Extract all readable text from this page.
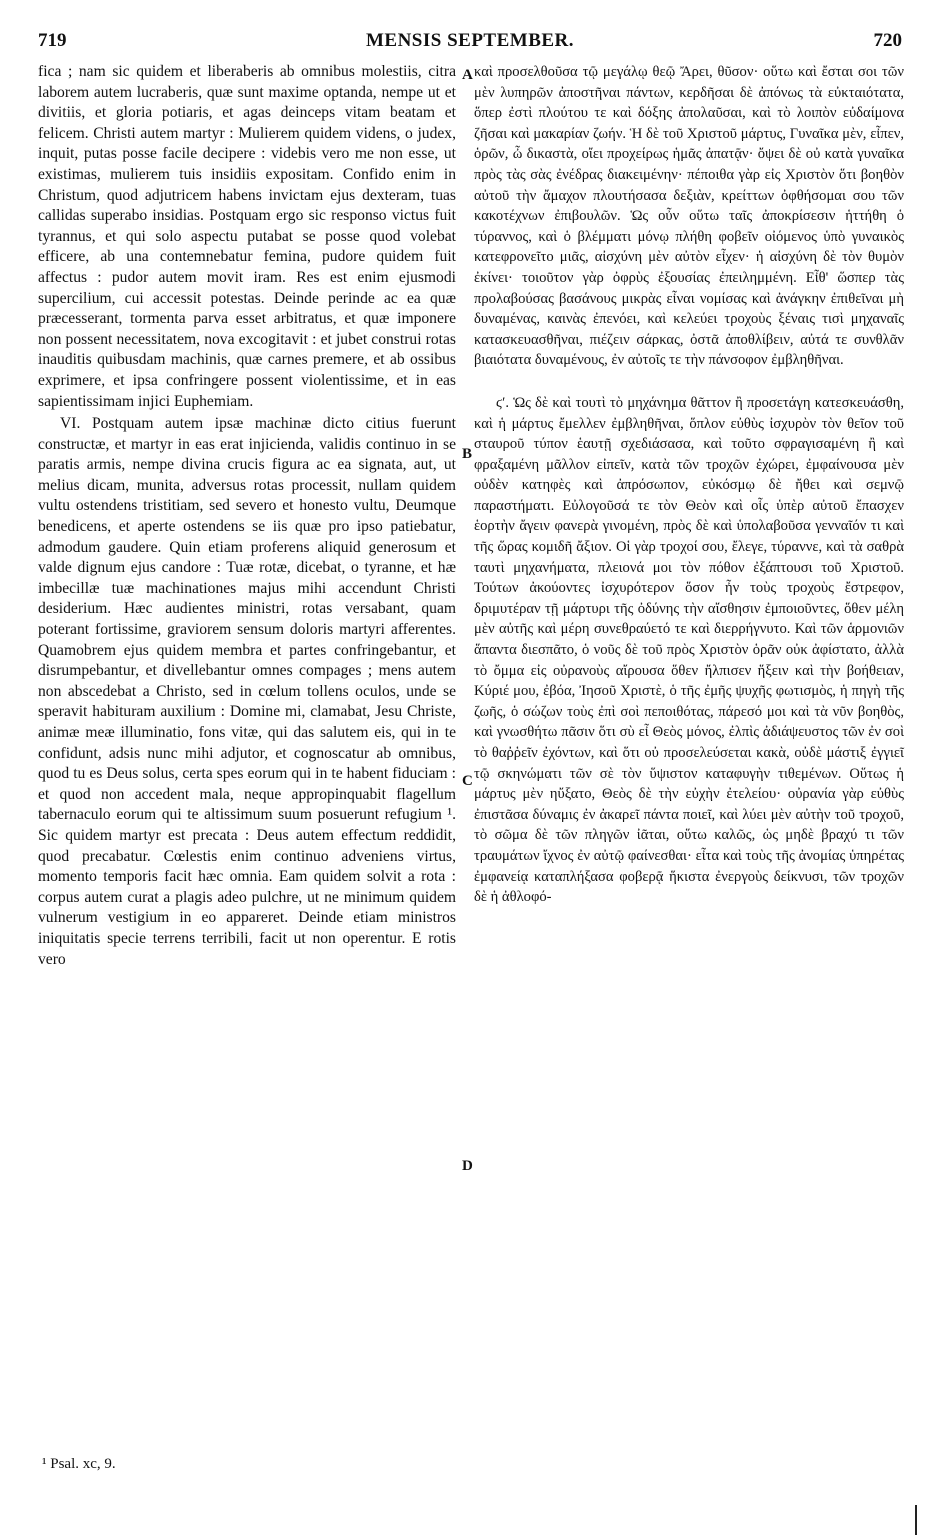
719	MENSIS SEPTEMBER.	720

fica ; nam sic quidem et liberaberis ab omnibus molestiis, citra laborem autem lucraberis, quæ sunt maxime optanda, nempe ut et divitiis, et gloria potiaris, et agas deinceps vitam beatam et felicem. Christi autem martyr : Mulierem quidem videns, o judex, inquit, putas posse facile decipere : videbis vero me non esse, ut existimas, mulierem tuis insidiis expositam. Confido enim in Christum, quod adjutricem habens invictam ejus dexteram, tuas callidas superabo insidias. Postquam ergo sic responso victus fuit tyrannus, et qui solo aspectu putabat se posse quod volebat efficere, ab una contemnebatur femina, pudore quidem fuit affectus : pudor autem movit iram. Res est enim ejusmodi supercilium, cui accessit potestas. Deinde perinde ac ea quæ præcesserant, tormenta parva esset arbitratus, et quæ imponere non possent necessitatem, nova excogitavit : et jubet construi rotas inauditis quibusdam machinis, quæ carnes premere, et ab ossibus exprimere, et ipsa confringere possent violentissime, et in eas sapientissimam injici Euphemiam.

VI. Postquam autem ipsæ machinæ dicto citius fuerunt constructæ, et martyr in eas erat injicienda, validis continuo in se paratis armis, nempe divina crucis figura ac ea signata, aut, ut melius dicam, munita, adversus rotas processit, nullam quidem vultu ostendens tristitiam, sed severo et honesto vultu, Deumque benedicens, et aperte ostendens se iis quæ pro ipso patiebatur, admodum gaudere. Quin etiam proferens aliquid generosum et valde dignum ejus candore : Tuæ rotæ, dicebat, o tyranne, et hæ imbecillæ tuæ machinationes majus mihi accendunt Christi desiderium. Hæc audientes ministri, rotas versabant, quam poterant fortissime, graviorem sensum doloris martyri afferentes. Quamobrem ejus quidem membra et partes confringebantur, et disrumpebantur, et divellebantur omnes compages ; mens autem non abscedebat a Christo, sed in cœlum tollens oculos, unde se speravit habituram auxilium : Domine mi, clamabat, Jesu Christe, animæ meæ illuminatio, fons vitæ, qui das salutem eis, qui in te confidunt, adsis nunc mihi adjutor, et cognoscatur ab omnibus, quod tu es Deus solus, certa spes eorum qui in te habent fiduciam : et quod non accedent mala, neque appropinquabit flagellum tabernaculo eorum qui te altissimum suum posuerunt refugium ¹. Sic quidem martyr est precata : Deus autem effectum reddidit, quod precabatur. Cœlestis enim continuo adveniens virtus, momento temporis facit hæc omnia. Eam quidem solvit a rota : corpus autem curat a plagis adeo pulchre, ut ne minimum quidem vulnerum vestigium in eo appareret. Deinde etiam ministros iniquitatis specie terrens terribili, facit ut non operentur. E rotis vero

A
B
C
D

καὶ προσελθοῦσα τῷ μεγάλῳ θεῷ Ἄρει, θῦσον· οὕτω καὶ ἔσται σοι τῶν μὲν λυπηρῶν ἀποστῆναι πάντων, κερδῆσαι δὲ ἀπόνως τὰ εὐκταιότατα, ὅπερ ἐστὶ πλούτου τε καὶ δόξης ἀπολαῦσαι, καὶ τὸ λοιπὸν εὐδαίμονα ζῆσαι καὶ μακαρίαν ζωήν. Ἡ δὲ τοῦ Χριστοῦ μάρτυς, Γυναῖκα μὲν, εἶπεν, ὁρῶν, ὦ δικαστὰ, οἴει προχείρως ἡμᾶς ἀπατᾷν· ὄψει δὲ οὐ κατὰ γυναῖκα πρὸς τὰς σὰς ἐνέδρας διακειμένην· πέποιθα γὰρ εἰς Χριστὸν ὅτι βοηθὸν αὐτοῦ τὴν ἄμαχον πλουτήσασα δεξιὰν, κρείττων ὀφθήσομαι σου τῶν κακοτέχνων ἐπιβουλῶν. Ὡς οὖν οὕτω ταῖς ἀποκρίσεσιν ἡττήθη ὁ τύραννος, καὶ ὁ βλέμματι μόνῳ πλήθη φοβεῖν οἰόμενος ὑπὸ γυναικὸς κατεφρονεῖτο μιᾶς, αἰσχύνη μὲν αὐτὸν εἶχεν· ἡ αἰσχύνη δὲ τὸν θυμὸν ἐκίνει· τοιοῦτον γὰρ ὀφρὺς ἐξουσίας ἐπειλημμένη. Εἶθ' ὥσπερ τὰς προλαβούσας βασάνους μικρὰς εἶναι νομίσας καὶ ἀνάγκην ἐπιθεῖναι μὴ δυναμένας, καινὰς ἐπενόει, καὶ κελεύει τροχοὺς ξέναις τισὶ μηχαναῖς κατασκευασθῆναι, πιέζειν σάρκας, ὀστᾶ ἀποθλίβειν, αὐτά τε συνθλᾶν βιαιότατα δυναμένους, ἐν αὐτοῖς τε τὴν πάνσοφον ἐμβληθῆναι.

ϛʹ. Ὡς δὲ καὶ τουτὶ τὸ μηχάνημα θᾶττον ἢ προσετάγη κατεσκευάσθη, καὶ ἡ μάρτυς ἔμελλεν ἐμβληθῆναι, ὅπλον εὐθὺς ἰσχυρὸν τὸν θεῖον τοῦ σταυροῦ τύπον ἑαυτῇ σχεδιάσασα, καὶ τοῦτο σφραγισαμένη ἢ καὶ φραξαμένη μᾶλλον εἰπεῖν, κατὰ τῶν τροχῶν ἐχώρει, ἐμφαίνουσα μὲν οὐδὲν κατηφὲς καὶ ἀπρόσωπον, εὐκόσμῳ δὲ ἤθει καὶ σεμνῷ παραστήματι. Εὐλογοῦσά τε τὸν Θεὸν καὶ οἷς ὑπὲρ αὐτοῦ ἔπασχεν ἑορτὴν ἄγειν φανερὰ γινομένη, πρὸς δὲ καὶ ὑπολαβοῦσα γενναῖόν τι καὶ τῆς ὥρας κομιδῆ ἄξιον. Οἱ γὰρ τροχοί σου, ἔλεγε, τύραννε, καὶ τὰ σαθρὰ ταυτὶ μηχανήματα, πλειονά μοι τὸν πόθον ἐξάπτουσι τοῦ Χριστοῦ. Τούτων ἀκούοντες ἰσχυρότερον ὅσον ἦν τοὺς τροχοὺς ἔστρεφον, δριμυτέραν τῇ μάρτυρι τῆς ὀδύνης τὴν αἴσθησιν ἐμποιοῦντες, ὅθεν μέλη μὲν αὐτῆς καὶ μέρη συνεθραύετό τε καὶ διερρήγνυτο. Καὶ τῶν ἁρμονιῶν ἅπαντα διεσπᾶτο, ὁ νοῦς δὲ τοῦ πρὸς Χριστὸν ὁρᾶν οὐκ ἀφίστατο, ἀλλὰ τὸ ὄμμα εἰς οὐρανοὺς αἴρουσα ὅθεν ἤλπισεν ἥξειν καὶ τὴν βοήθειαν, Κύριέ μου, ἐβόα, Ἰησοῦ Χριστὲ, ὁ τῆς ἐμῆς ψυχῆς φωτισμὸς, ἡ πηγὴ τῆς ζωῆς, ὁ σώζων τοὺς ἐπὶ σοὶ πεποιθότας, πάρεσό μοι καὶ τὰ νῦν βοηθὸς, καὶ γνωσθήτω πᾶσιν ὅτι σὺ εἶ Θεὸς μόνος, ἐλπὶς ἀδιάψευστος τῶν ἐν σοὶ τὸ θαῤῥεῖν ἐχόντων, καὶ ὅτι οὐ προσελεύσεται κακὰ, οὐδὲ μάστιξ ἐγγιεῖ τῷ σκηνώματι τῶν σὲ τὸν ὕψιστον καταφυγὴν τιθεμένων. Οὕτως ἡ μάρτυς μὲν ηὔξατο, Θεὸς δὲ τὴν εὐχὴν ἐτελείου· οὐρανία γὰρ εὐθὺς ἐπιστᾶσα δύναμις ἐν ἀκαρεῖ πάντα ποιεῖ, καὶ λύει μὲν αὐτὴν τοῦ τροχοῦ, τὸ σῶμα δὲ τῶν πληγῶν ἰᾶται, οὕτω καλῶς, ὡς μηδὲ βραχύ τι τῶν τραυμάτων ἴχνος ἐν αὐτῷ φαίνεσθαι· εἶτα καὶ τοὺς τῆς ἀνομίας ὑπηρέτας ἐμφανείᾳ καταπλήξασα φοβερᾷ ἥκιστα ἐνεργοὺς δείκνυσι, τῶν τροχῶν δὲ ἡ ἀθλοφό-

¹ Psal. xc, 9.
